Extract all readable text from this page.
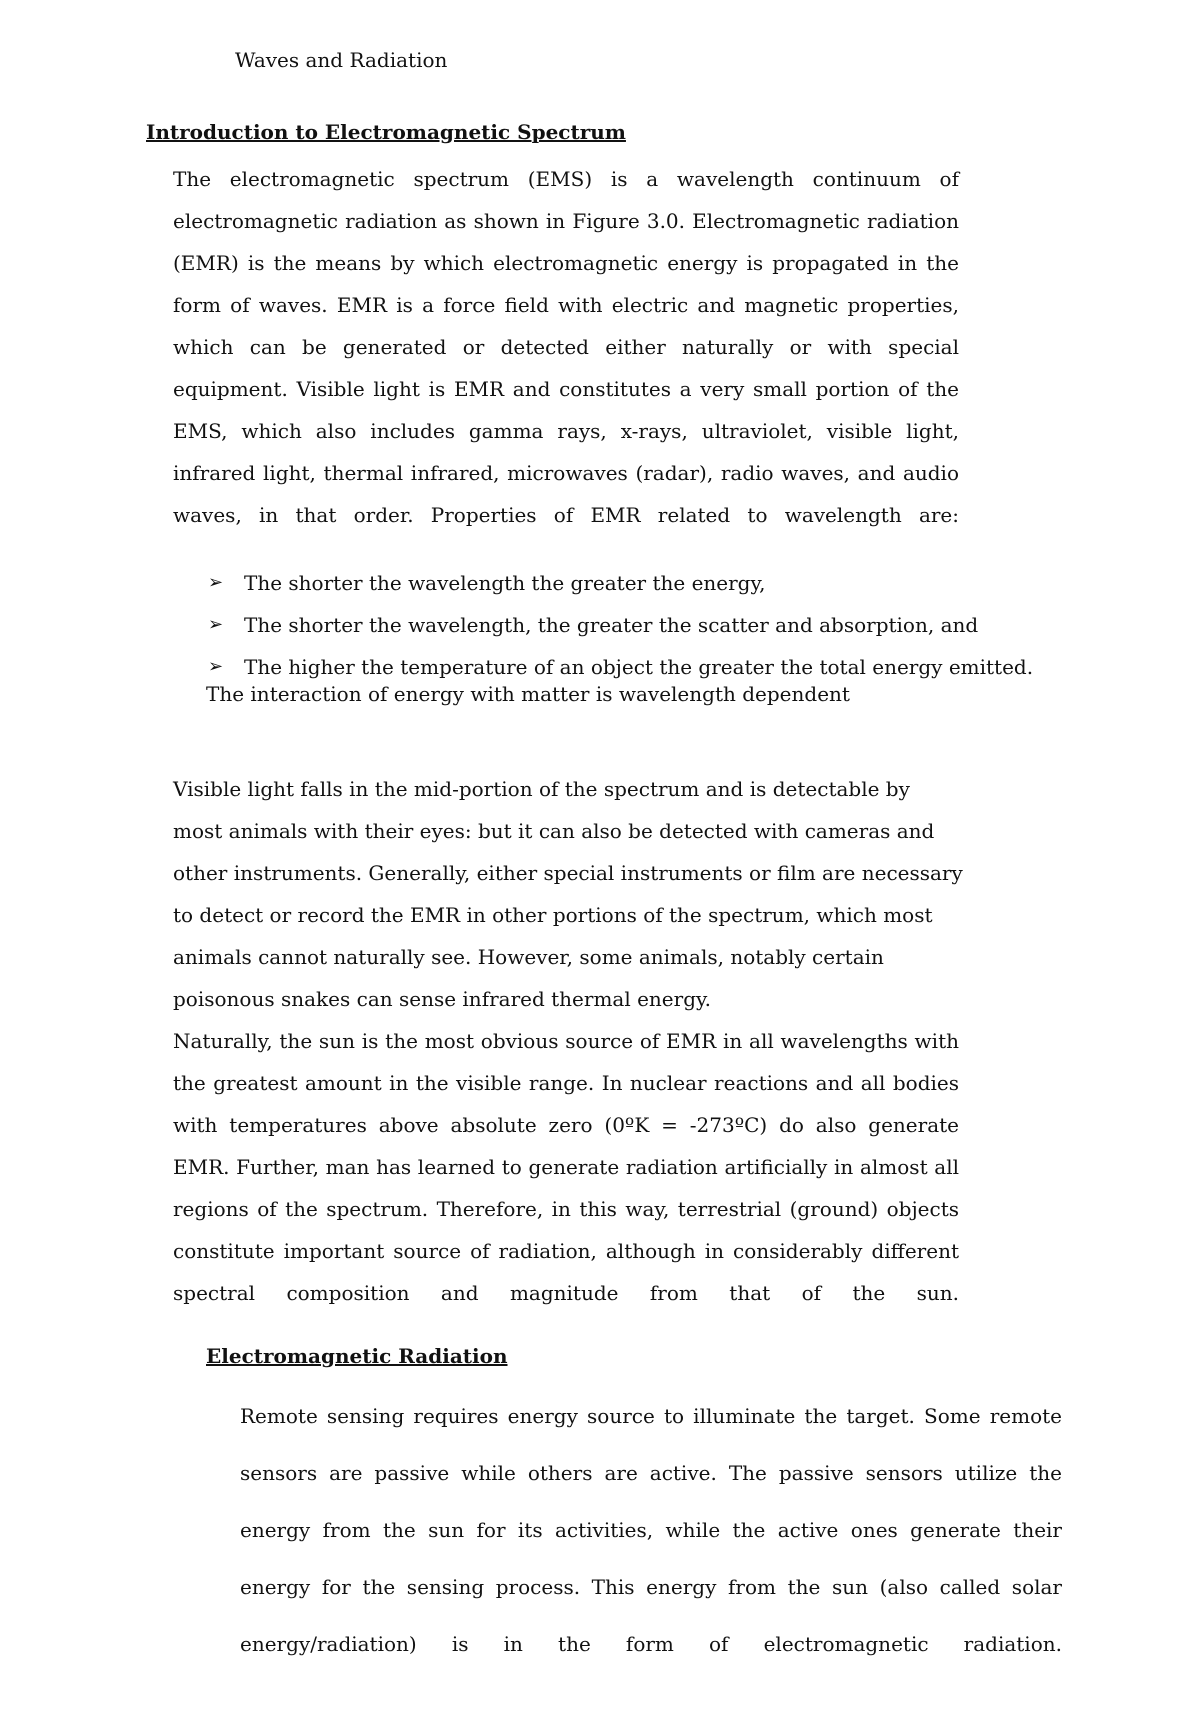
Waves and Radiation
Introduction to Electromagnetic Spectrum

The electromagnetic spectrum (EMS) is a wavelength continuum of electromagnetic radiation as shown in Figure 3.0. Electromagnetic radiation (EMR) is the means by which electromagnetic energy is propagated in the form of waves. EMR is a force field with electric and magnetic properties, which can be generated or detected either naturally or with special equipment. Visible light is EMR and constitutes a very small portion of the EMS, which also includes gamma rays, x-rays, ultraviolet, visible light, infrared light, thermal infrared, microwaves (radar), radio waves, and audio waves, in that order. Properties of EMR related to wavelength are:

➢	The shorter the wavelength the greater the energy,
➢	The shorter the wavelength, the greater the scatter and absorption, and
➢	The higher the temperature of an object the greater the total energy emitted.

The interaction of energy with matter is wavelength dependent

Visible light falls in the mid-portion of the spectrum and is detectable by most animals with their eyes: but it can also be detected with cameras and other instruments. Generally, either special instruments or film are necessary to detect or record the EMR in other portions of the spectrum, which most animals cannot naturally see. However, some animals, notably certain poisonous snakes can sense infrared thermal energy.

Naturally, the sun is the most obvious source of EMR in all wavelengths with the greatest amount in the visible range. In nuclear reactions and all bodies with temperatures above absolute zero (0ºK = -273ºC) do also generate EMR. Further, man has learned to generate radiation artificially in almost all regions of the spectrum. Therefore, in this way, terrestrial (ground) objects constitute important source of radiation, although in considerably different spectral composition and magnitude from that of the sun.

Electromagnetic Radiation

Remote sensing requires energy source to illuminate the target. Some remote sensors are passive while others are active. The passive sensors utilize the energy from the sun for its activities, while the active ones generate their energy for the sensing process. This energy from the sun (also called solar energy/radiation) is in the form of electromagnetic radiation.
